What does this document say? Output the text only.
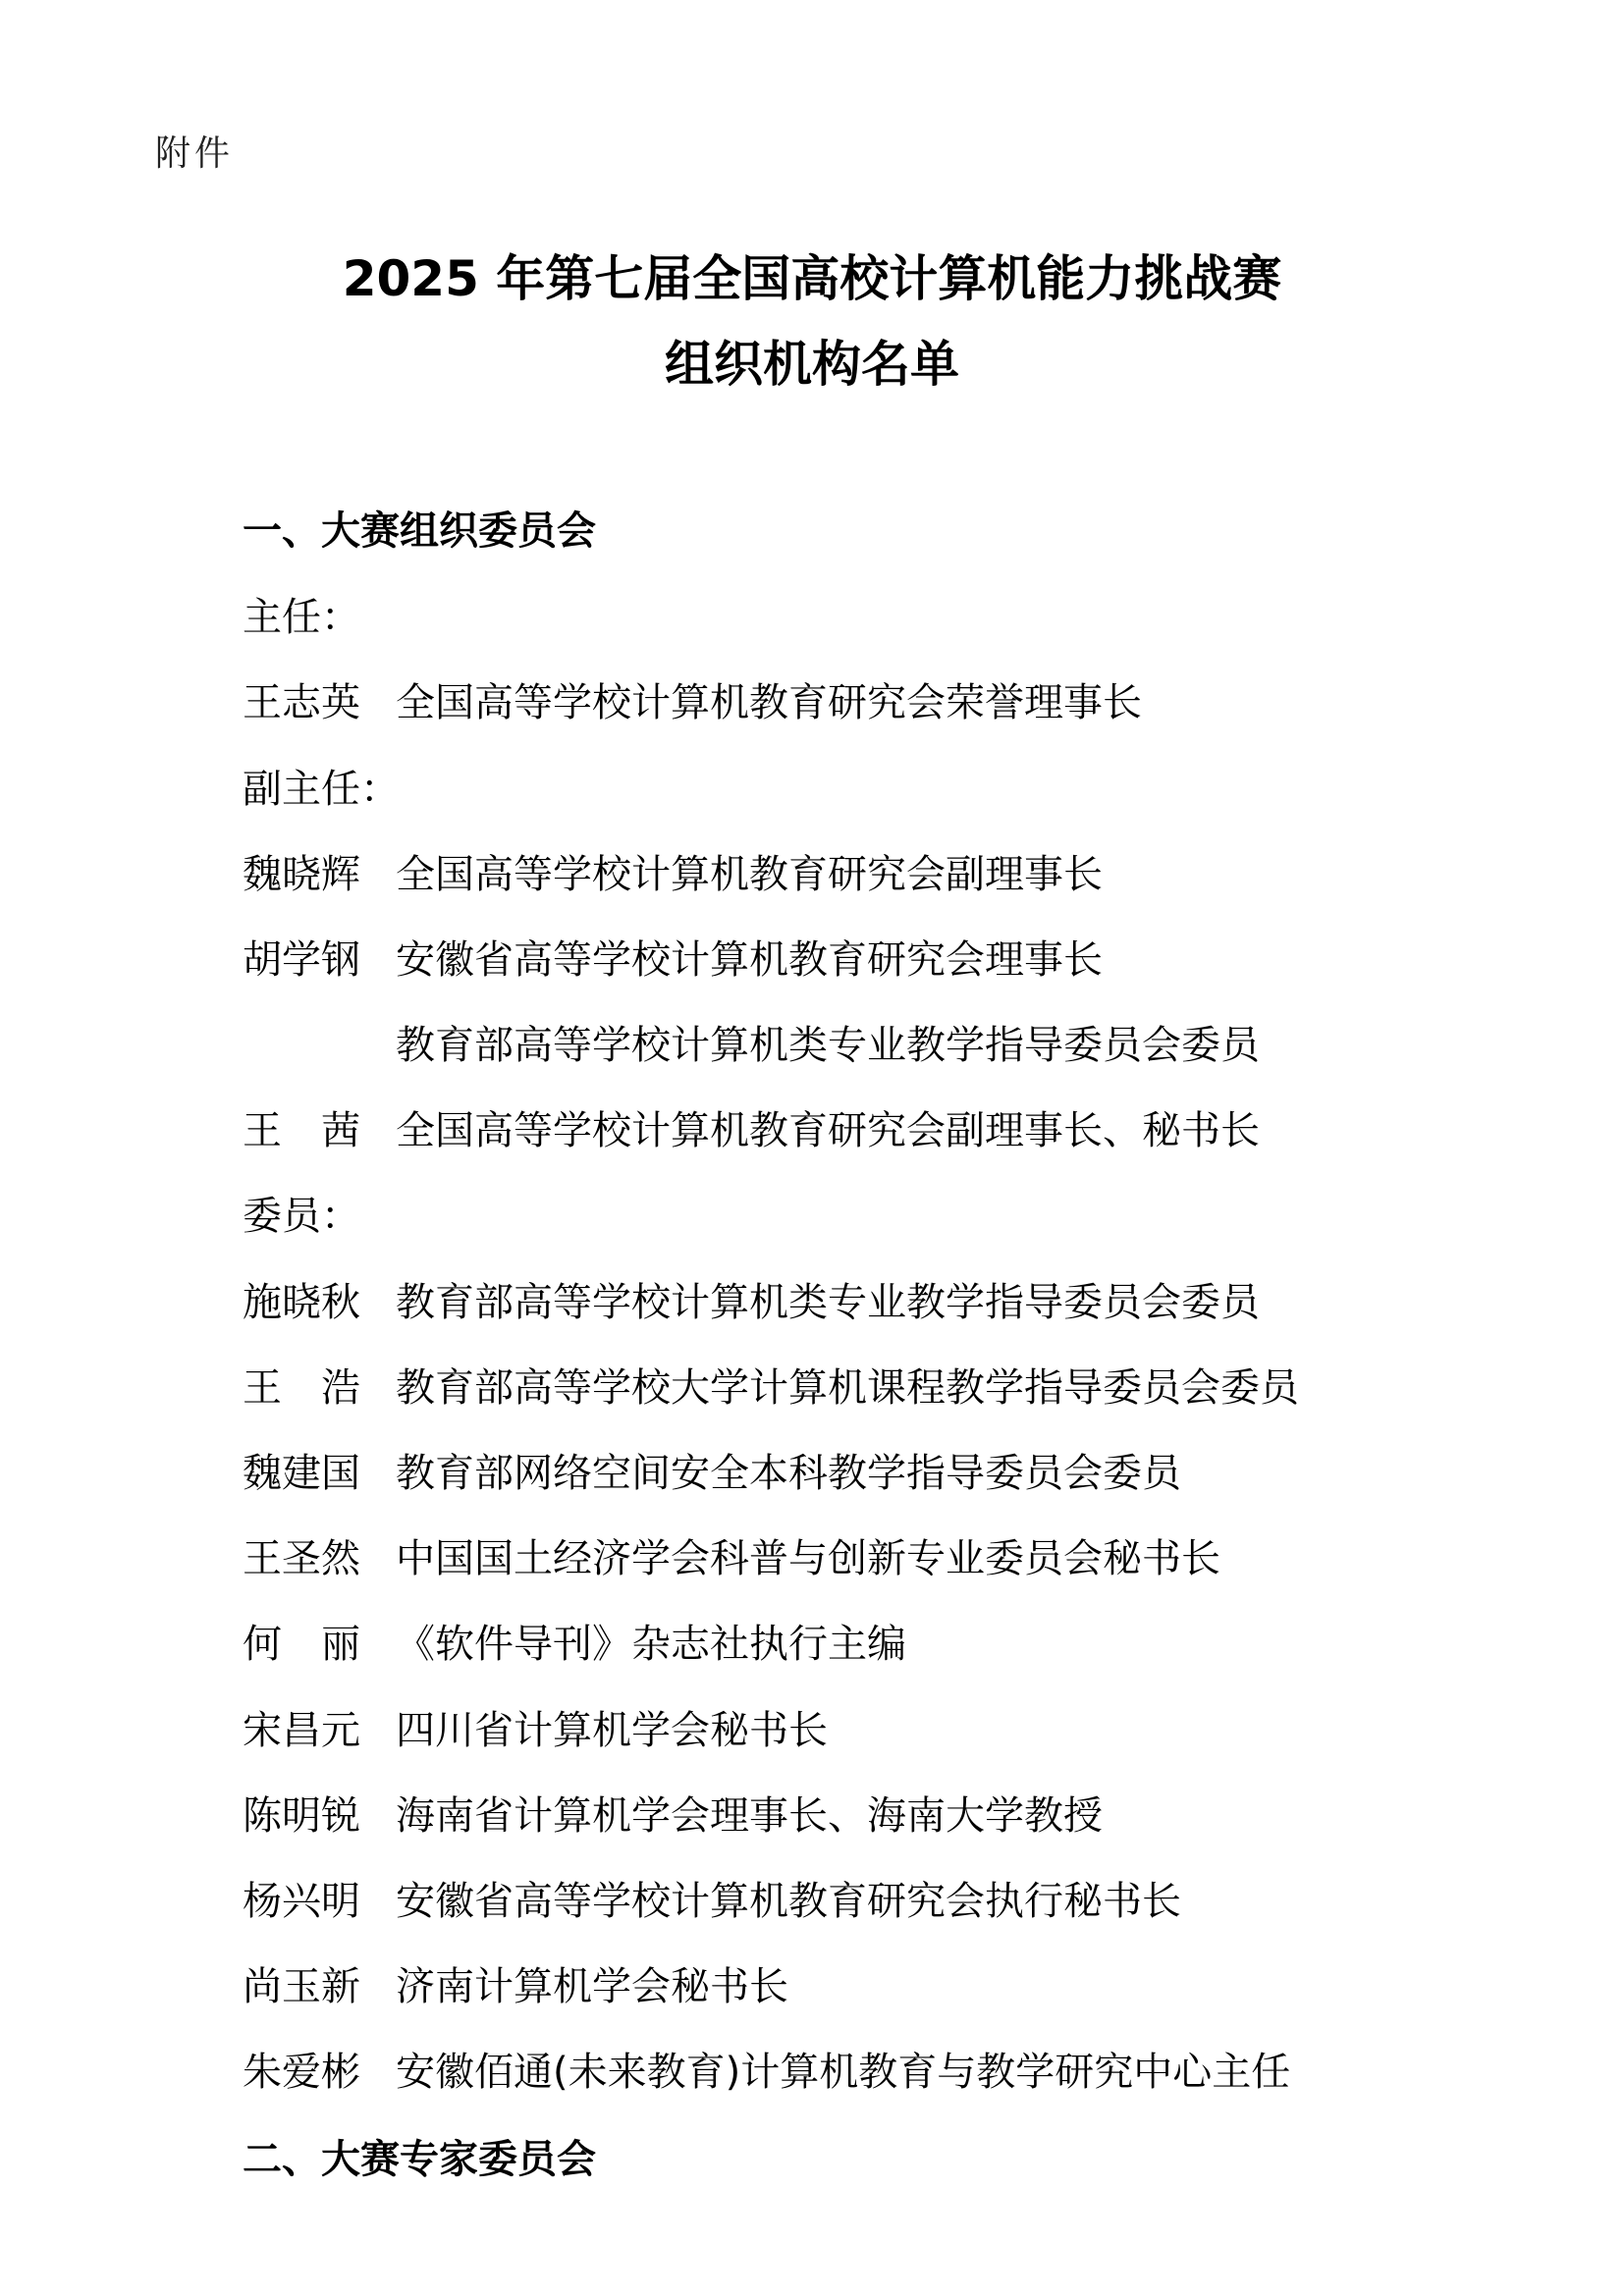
附件
2025 年第七届全国高校计算机能力挑战赛
组织机构名单
一、大赛组织委员会
主任：
王志英 全国高等学校计算机教育研究会荣誉理事长
副主任：
魏晓辉 全国高等学校计算机教育研究会副理事长
胡学钢 安徽省高等学校计算机教育研究会理事长
教育部高等学校计算机类专业教学指导委员会委员
王　茜 全国高等学校计算机教育研究会副理事长、秘书长
委员：
施晓秋 教育部高等学校计算机类专业教学指导委员会委员
王　浩 教育部高等学校大学计算机课程教学指导委员会委员
魏建国 教育部网络空间安全本科教学指导委员会委员
王圣然 中国国土经济学会科普与创新专业委员会秘书长
何　丽 《软件导刊》杂志社执行主编
宋昌元 四川省计算机学会秘书长
陈明锐 海南省计算机学会理事长、海南大学教授
杨兴明 安徽省高等学校计算机教育研究会执行秘书长
尚玉新 济南计算机学会秘书长
朱爱彬 安徽佰通(未来教育)计算机教育与教学研究中心主任
二、大赛专家委员会
